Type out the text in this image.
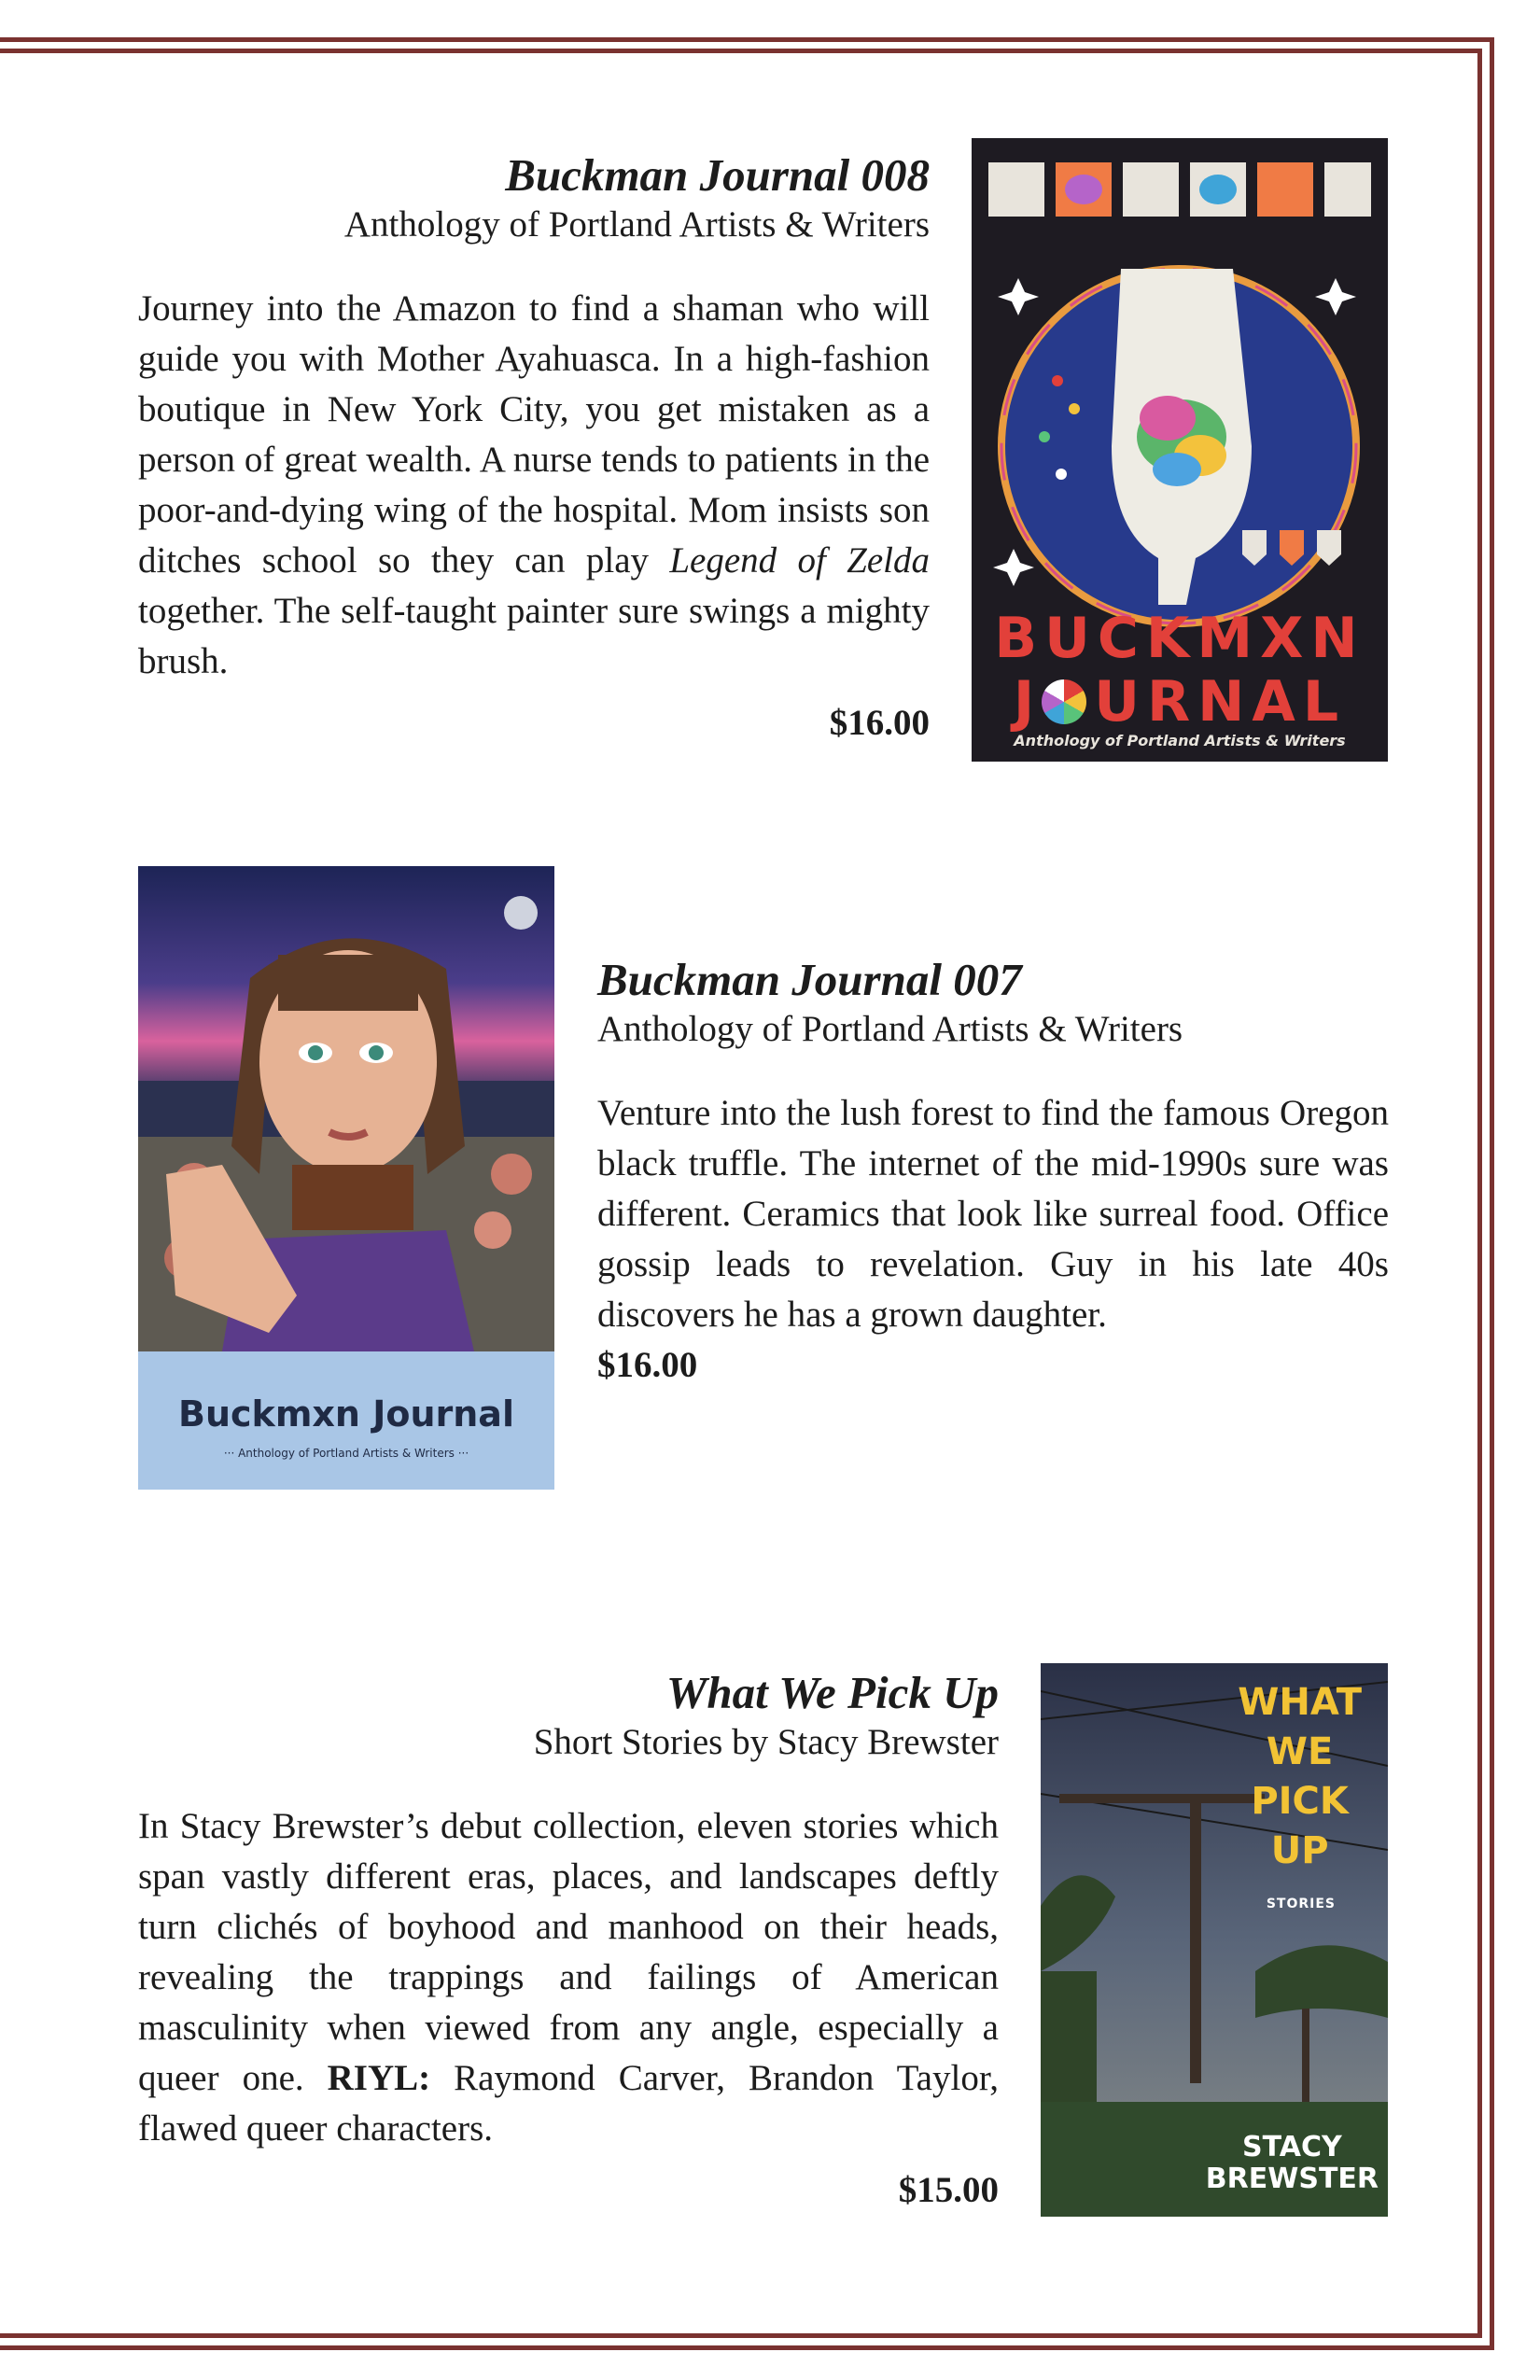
Buckman Journal 008
Anthology of Portland Artists & Writers
Journey into the Amazon to find a shaman who will guide you with Mother Ayahuasca. In a high-fashion boutique in New York City, you get mistaken as a person of great wealth. A nurse tends to patients in the poor-and-dying wing of the hospital. Mom insists son ditches school so they can play Legend of Zelda together. The self-taught painter sure swings a mighty brush.
$16.00
BUCKMXN
J URNAL
Anthology of Portland Artists & Writers
Buckmxn Journal
··· Anthology of Portland Artists & Writers ···
Buckman Journal 007
Anthology of Portland Artists & Writers
Venture into the lush forest to find the famous Oregon black truffle. The internet of the mid-1990s sure was different. Ceramics that look like surreal food. Office gossip leads to revelation. Guy in his late 40s discovers he has a grown daughter.
$16.00
What We Pick Up
Short Stories by Stacy Brewster
In Stacy Brewster’s debut collection, eleven stories which span vastly different eras, places, and landscapes deftly turn clichés of boyhood and manhood on their heads, revealing the trappings and failings of American masculinity when viewed from any angle, especially a queer one. RIYL: Raymond Carver, Brandon Taylor, flawed queer characters.
$15.00
WHAT
WE
PICK
UP
STORIES
STACY
BREWSTER
